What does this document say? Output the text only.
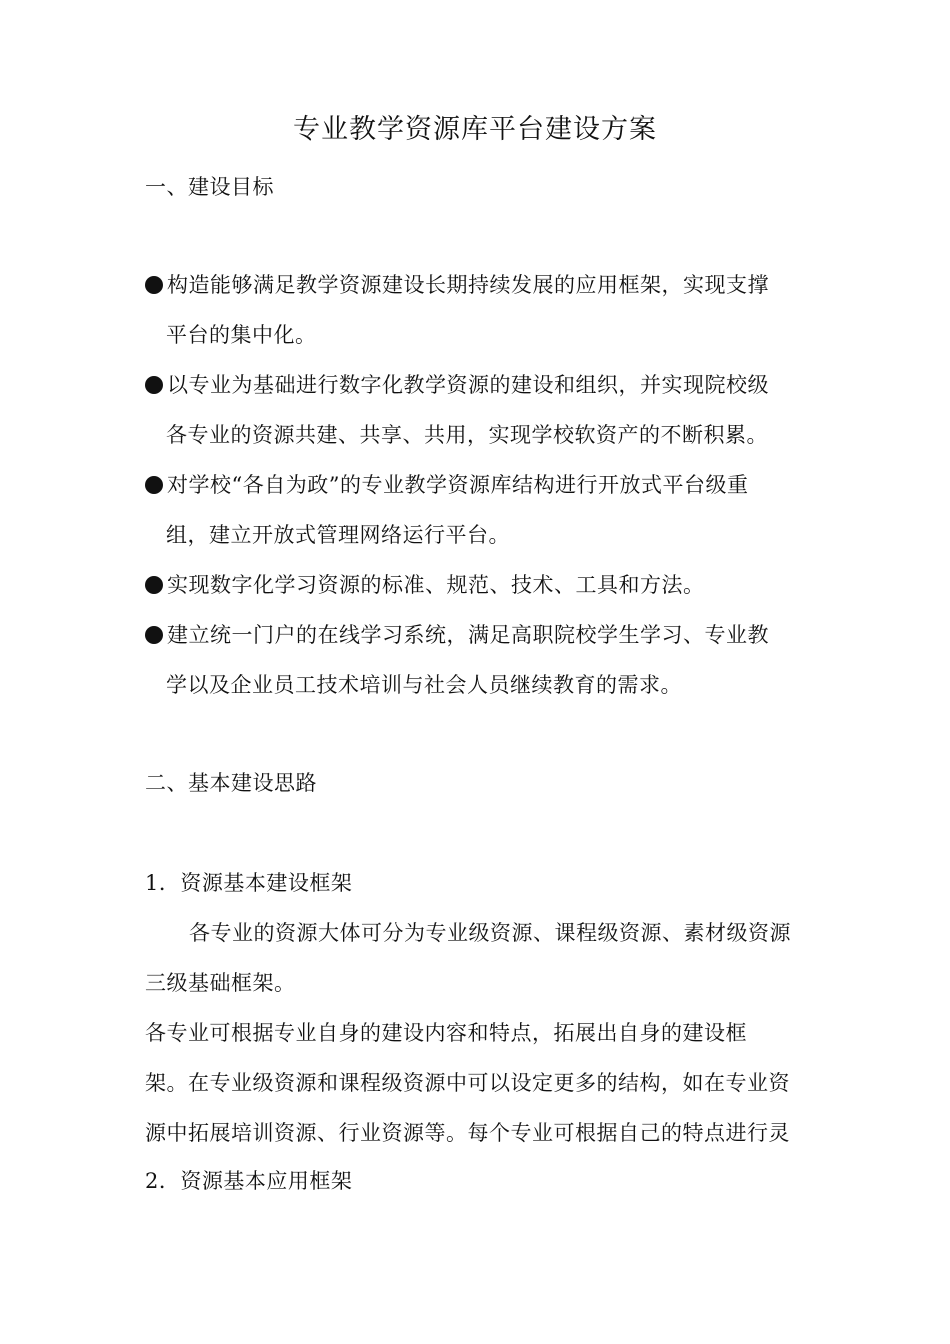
专业教学资源库平台建设方案
一、建设目标
构造能够满足教学资源建设长期持续发展的应用框架，实现支撑
平台的集中化。
以专业为基础进行数字化教学资源的建设和组织，并实现院校级
各专业的资源共建、共享、共用，实现学校软资产的不断积累。
对学校“各自为政”的专业教学资源库结构进行开放式平台级重
组，建立开放式管理网络运行平台。
实现数字化学习资源的标准、规范、技术、工具和方法。
建立统一门户的在线学习系统，满足高职院校学生学习、专业教
学以及企业员工技术培训与社会人员继续教育的需求。
二、基本建设思路
1．资源基本建设框架
各专业的资源大体可分为专业级资源、课程级资源、素材级资源
三级基础框架。
各专业可根据专业自身的建设内容和特点，拓展出自身的建设框
架。在专业级资源和课程级资源中可以设定更多的结构，如在专业资
源中拓展培训资源、行业资源等。每个专业可根据自己的特点进行灵
2．资源基本应用框架
